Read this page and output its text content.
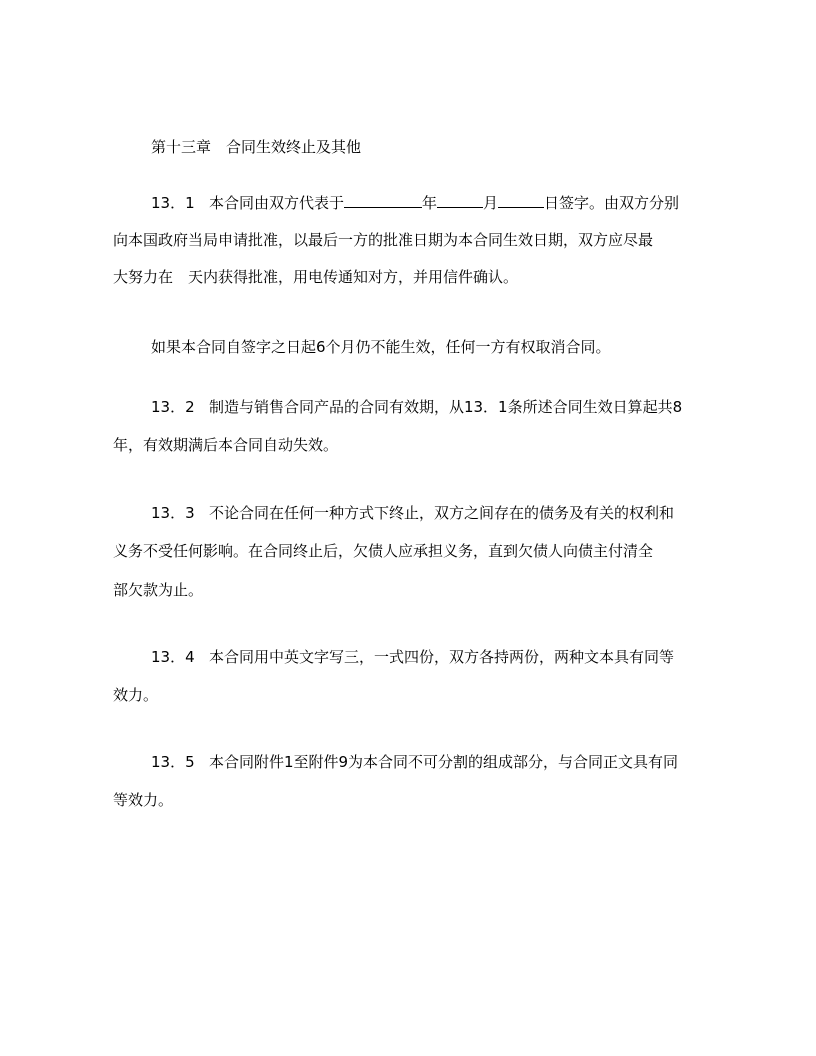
第十三章 合同生效终止及其他
13．1 本合同由双方代表于	年	月	日签字。由双方分别
向本国政府当局申请批准，以最后一方的批准日期为本合同生效日期，双方应尽最
大努力在 天内获得批准，用电传通知对方，并用信件确认。
如果本合同自签字之日起6个月仍不能生效，任何一方有权取消合同。
13．2 制造与销售合同产品的合同有效期，从13．1条所述合同生效日算起共8
年，有效期满后本合同自动失效。
13．3 不论合同在任何一种方式下终止，双方之间存在的债务及有关的权利和
义务不受任何影响。在合同终止后，欠债人应承担义务，直到欠债人向债主付清全
部欠款为止。
13．4 本合同用中英文字写三，一式四份，双方各持两份，两种文本具有同等
效力。
13．5 本合同附件1至附件9为本合同不可分割的组成部分，与合同正文具有同
等效力。
